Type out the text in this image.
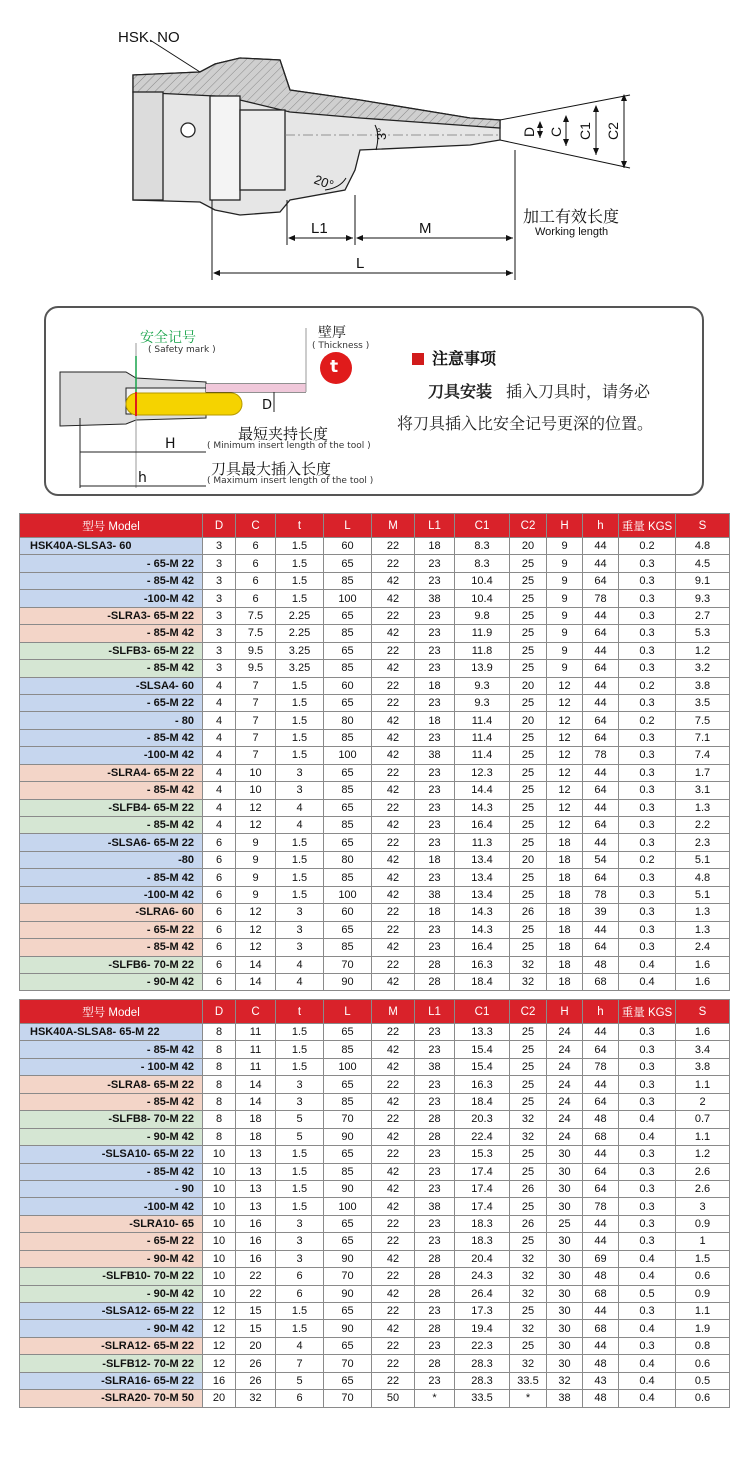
HSK. NO
3°
20°
D C C1 C2
L1	M
L
加工有效长度
Working length
安全记号
( Safety mark )
壁厚
( Thickness )
t
D
H
h
最短夹持长度
( Minimum insert length of the tool )
刀具最大插入长度
( Maximum insert length of the tool )
注意事项
刀具安装 插入刀具时，请务必
将刀具插入比安全记号更深的位置。
型号 Model	D	C	t	L	M	L1	C1	C2	H	h	重量 KGS	S
HSK40A-SLSA3- 60	3	6	1.5	60	22	18	8.3	20	9	44	0.2	4.8
- 65-M 22	3	6	1.5	65	22	23	8.3	25	9	44	0.3	4.5
- 85-M 42	3	6	1.5	85	42	23	10.4	25	9	64	0.3	9.1
-100-M 42	3	6	1.5	100	42	38	10.4	25	9	78	0.3	9.3
-SLRA3- 65-M 22	3	7.5	2.25	65	22	23	9.8	25	9	44	0.3	2.7
- 85-M 42	3	7.5	2.25	85	42	23	11.9	25	9	64	0.3	5.3
-SLFB3- 65-M 22	3	9.5	3.25	65	22	23	11.8	25	9	44	0.3	1.2
- 85-M 42	3	9.5	3.25	85	42	23	13.9	25	9	64	0.3	3.2
-SLSA4- 60	4	7	1.5	60	22	18	9.3	20	12	44	0.2	3.8
- 65-M 22	4	7	1.5	65	22	23	9.3	25	12	44	0.3	3.5
- 80	4	7	1.5	80	42	18	11.4	20	12	64	0.2	7.5
- 85-M 42	4	7	1.5	85	42	23	11.4	25	12	64	0.3	7.1
-100-M 42	4	7	1.5	100	42	38	11.4	25	12	78	0.3	7.4
-SLRA4- 65-M 22	4	10	3	65	22	23	12.3	25	12	44	0.3	1.7
- 85-M 42	4	10	3	85	42	23	14.4	25	12	64	0.3	3.1
-SLFB4- 65-M 22	4	12	4	65	22	23	14.3	25	12	44	0.3	1.3
- 85-M 42	4	12	4	85	42	23	16.4	25	12	64	0.3	2.2
-SLSA6- 65-M 22	6	9	1.5	65	22	23	11.3	25	18	44	0.3	2.3
-80	6	9	1.5	80	42	18	13.4	20	18	54	0.2	5.1
- 85-M 42	6	9	1.5	85	42	23	13.4	25	18	64	0.3	4.8
-100-M 42	6	9	1.5	100	42	38	13.4	25	18	78	0.3	5.1
-SLRA6- 60	6	12	3	60	22	18	14.3	26	18	39	0.3	1.3
- 65-M 22	6	12	3	65	22	23	14.3	25	18	44	0.3	1.3
- 85-M 42	6	12	3	85	42	23	16.4	25	18	64	0.3	2.4
-SLFB6- 70-M 22	6	14	4	70	22	28	16.3	32	18	48	0.4	1.6
- 90-M 42	6	14	4	90	42	28	18.4	32	18	68	0.4	1.6
型号 Model	D	C	t	L	M	L1	C1	C2	H	h	重量 KGS	S
HSK40A-SLSA8- 65-M 22	8	11	1.5	65	22	23	13.3	25	24	44	0.3	1.6
- 85-M 42	8	11	1.5	85	42	23	15.4	25	24	64	0.3	3.4
- 100-M 42	8	11	1.5	100	42	38	15.4	25	24	78	0.3	3.8
-SLRA8- 65-M 22	8	14	3	65	22	23	16.3	25	24	44	0.3	1.1
- 85-M 42	8	14	3	85	42	23	18.4	25	24	64	0.3	2
-SLFB8- 70-M 22	8	18	5	70	22	28	20.3	32	24	48	0.4	0.7
- 90-M 42	8	18	5	90	42	28	22.4	32	24	68	0.4	1.1
-SLSA10- 65-M 22	10	13	1.5	65	22	23	15.3	25	30	44	0.3	1.2
- 85-M 42	10	13	1.5	85	42	23	17.4	25	30	64	0.3	2.6
- 90	10	13	1.5	90	42	23	17.4	26	30	64	0.3	2.6
-100-M 42	10	13	1.5	100	42	38	17.4	25	30	78	0.3	3
-SLRA10- 65	10	16	3	65	22	23	18.3	26	25	44	0.3	0.9
- 65-M 22	10	16	3	65	22	23	18.3	25	30	44	0.3	1
- 90-M 42	10	16	3	90	42	28	20.4	32	30	69	0.4	1.5
-SLFB10- 70-M 22	10	22	6	70	22	28	24.3	32	30	48	0.4	0.6
- 90-M 42	10	22	6	90	42	28	26.4	32	30	68	0.5	0.9
-SLSA12- 65-M 22	12	15	1.5	65	22	23	17.3	25	30	44	0.3	1.1
- 90-M 42	12	15	1.5	90	42	28	19.4	32	30	68	0.4	1.9
-SLRA12- 65-M 22	12	20	4	65	22	23	22.3	25	30	44	0.3	0.8
-SLFB12- 70-M 22	12	26	7	70	22	28	28.3	32	30	48	0.4	0.6
-SLRA16- 65-M 22	16	26	5	65	22	23	28.3	33.5	32	43	0.4	0.5
-SLRA20- 70-M 50	20	32	6	70	50	*	33.5	*	38	48	0.4	0.6
